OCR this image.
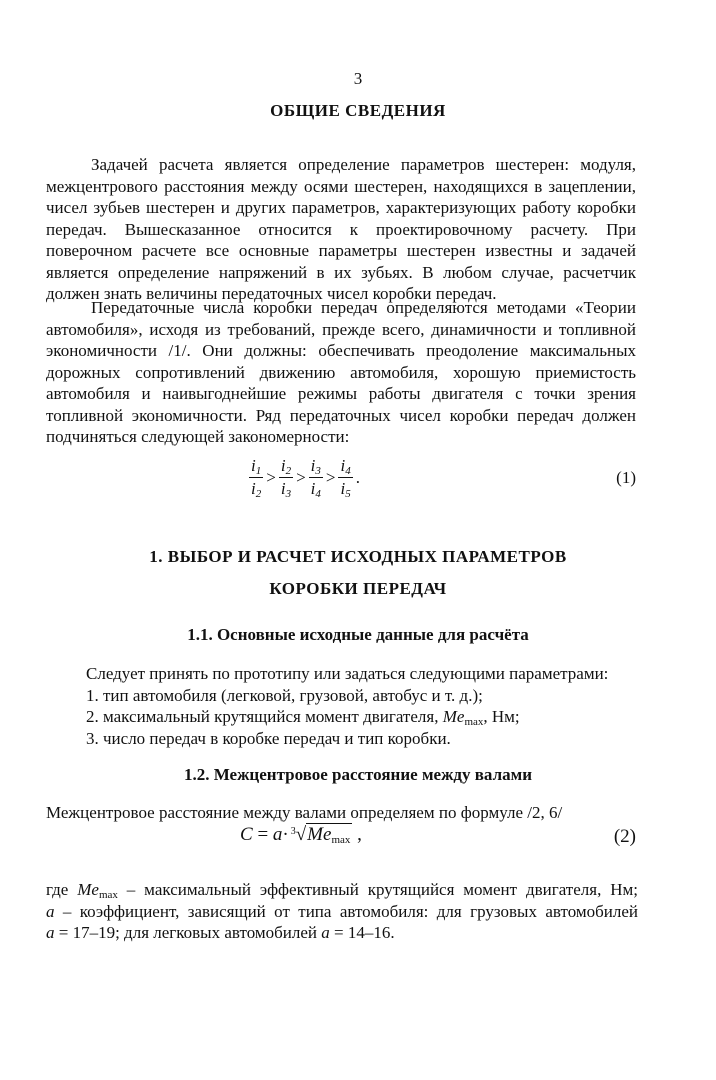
3
ОБЩИЕ СВЕДЕНИЯ

Задачей расчета является определение параметров шестерен: модуля, межцентрового расстояния между осями шестерен, находящихся в зацеплении, чисел зубьев шестерен и других параметров, характеризующих работу коробки передач. Вышесказанное относится к проектировочному расчету. При поверочном расчете все основные параметры шестерен известны и задачей является определение напряжений в их зубьях. В любом случае, расчетчик должен знать величины передаточных чисел коробки передач.

Передаточные числа коробки передач определяются методами «Теории автомобиля», исходя из требований, прежде всего, динамичности и топливной экономичности /1/. Они должны: обеспечивать преодоление максимальных дорожных сопротивлений движению автомобиля, хорошую приемистость автомобиля и наивыгоднейшие режимы работы двигателя с точки зрения топливной экономичности. Ряд передаточных чисел коробки передач должен подчиняться следующей закономерности:

$\frac{i_1}{i_2} > \frac{i_2}{i_3} > \frac{i_3}{i_4} > \frac{i_4}{i_5}$ .	(1)
1. ВЫБОР И РАСЧЕТ ИСХОДНЫХ ПАРАМЕТРОВ
КОРОБКИ ПЕРЕДАЧ
1.1. Основные исходные данные для расчёта
Следует принять по прототипу или задаться следующими параметрами:
1. тип автомобиля (легковой, грузовой, автобус и т. д.);
2. максимальный крутящийся момент двигателя, $Me_{max}$, Нм;
3. число передач в коробке передач и тип коробки.
1.2. Межцентровое расстояние между валами
Межцентровое расстояние между валами определяем по формуле /2, 6/
$C = a\cdot ^3√Me_{max}$ ,	(2)
где $Me_{max}$ – максимальный эффективный крутящийся момент двигателя, Нм;
a – коэффициент, зависящий от типа автомобиля: для грузовых автомобилей
a = 17–19; для легковых автомобилей a = 14–16.
